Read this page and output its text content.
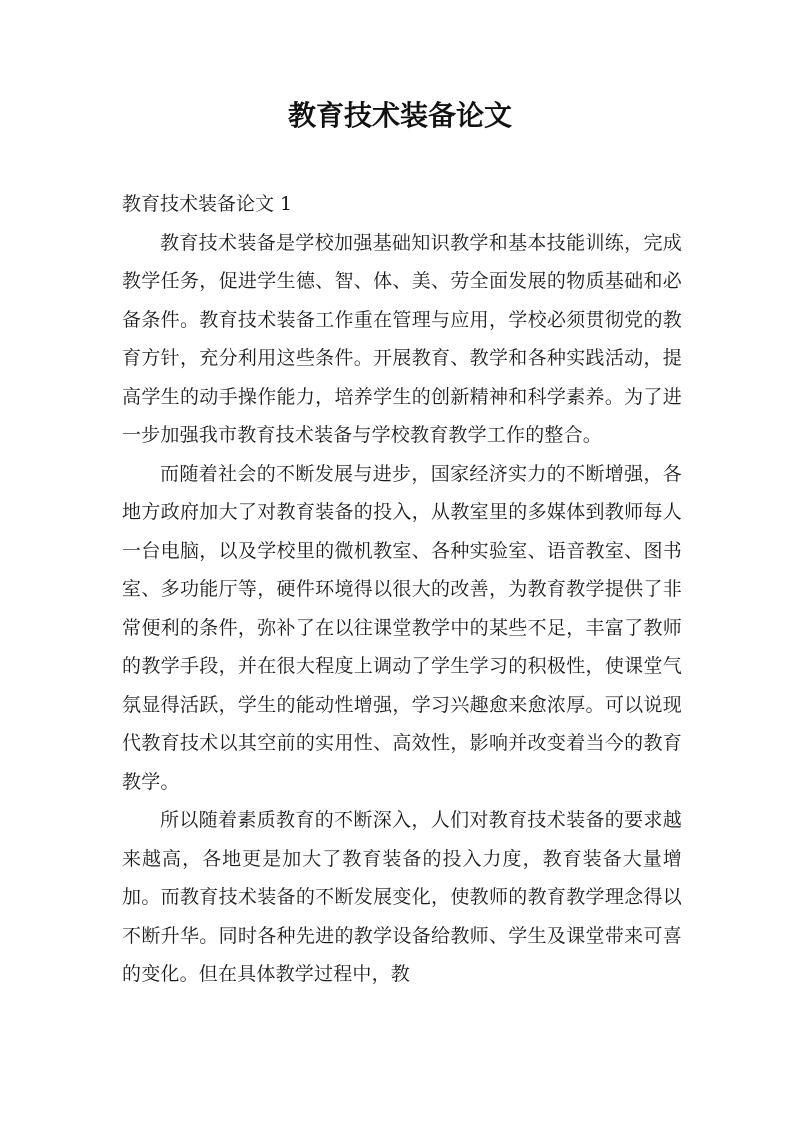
教育技术装备论文

教育技术装备论文 1

教育技术装备是学校加强基础知识教学和基本技能训练，完成教学任务，促进学生德、智、体、美、劳全面发展的物质基础和必备条件。教育技术装备工作重在管理与应用，学校必须贯彻党的教育方针，充分利用这些条件。开展教育、教学和各种实践活动，提高学生的动手操作能力，培养学生的创新精神和科学素养。为了进一步加强我市教育技术装备与学校教育教学工作的整合。

而随着社会的不断发展与进步，国家经济实力的不断增强，各地方政府加大了对教育装备的投入，从教室里的多媒体到教师每人一台电脑，以及学校里的微机教室、各种实验室、语音教室、图书室、多功能厅等，硬件环境得以很大的改善，为教育教学提供了非常便利的条件，弥补了在以往课堂教学中的某些不足，丰富了教师的教学手段，并在很大程度上调动了学生学习的积极性，使课堂气氛显得活跃，学生的能动性增强，学习兴趣愈来愈浓厚。可以说现代教育技术以其空前的实用性、高效性，影响并改变着当今的教育教学。

所以随着素质教育的不断深入，人们对教育技术装备的要求越来越高，各地更是加大了教育装备的投入力度，教育装备大量增加。而教育技术装备的不断发展变化，使教师的教育教学理念得以不断升华。同时各种先进的教学设备给教师、学生及课堂带来可喜的变化。但在具体教学过程中，教
